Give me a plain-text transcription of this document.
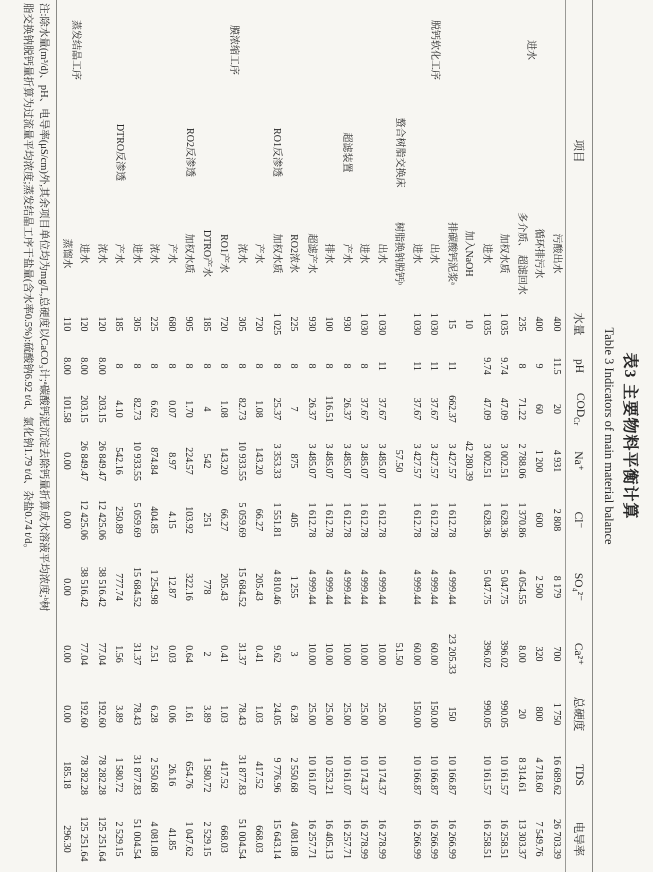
表3 主要物料平衡计算
Table 3 Indicators of main material balance
项目			水量	pH	$COD_{Cr}$	Na⁺	Cl⁻	SO₄²⁻	Ca²⁺	总硬度	TDS	电导率
进水		污酸出水	400	11.5	20	4 931	2 808	8 179	700	1 750	16 689.62	26 703.39
		循环排污水	400	9	60	1 200	600	2 500	320	800	4 718.60	7 549.76
		多介质、 超滤回水	235	8	71.22	2 788.06	1 370.86	4 054.55	8.00	20	8 314.61	13 303.37
		加权水质	1 035	9.74	47.09	3 002.51	1 628.36	5 047.75	396.02	990.05	10 161.57	16 258.51
脱钙软化工序		进水	1 035	9.74	47.09	3 002.51	1 628.36	5 047.75	396.02	990.05	10 161.57	16 258.51
		加入NaOH	10			42 280.39						
		排碳酸钙泥浆ᵃ	15	11	662.37	3 427.57	1 612.78	4 999.44	23 205.33	150	10 166.87	16 266.99
		出水	1 030	11	37.67	3 427.57	1 612.78	4 999.44	60.00	150.00	10 166.87	16 266.99
	螯合树脂交换床	进水	1 030	11	37.67	3 427.57	1 612.78	4 999.44	60.00	150.00	10 166.87	16 266.99
		树脂换钠脱钙ᵇ				57.50			51.50			
		出水	1 030	11	37.67	3 485.07	1 612.78	4 999.44	10.00	25.00	10 174.37	16 278.99
膜浓缩工序	超滤装置	进水	1 030	8	37.67	3 485.07	1 612.78	4 999.44	10.00	25.00	10 174.37	16 278.99
		产水	930	8	26.37	3 485.07	1 612.78	4 999.44	10.00	25.00	10 161.07	16 257.71
		排水	100	8	116.51	3 485.07	1 612.78	4 999.44	10.00	25.00	10 253.21	16 405.13
	RO1反渗透	超滤产水	930	8	26.37	3 485.07	1 612.78	4 999.44	10.00	25.00	10 161.07	16 257.71
		RO2浓水	225	8	7	875	405	1 255	3	6.28	2 550.68	4 081.08
		加权水质	1 025	8	25.37	3 353.33	1 551.81	4 810.46	9.62	24.05	9 776.96	15 643.14
		产水	720	8	1.08	143.20	66.27	205.43	0.41	1.03	417.52	668.03
		浓水	305	8	82.73	10 933.55	5 059.69	15 684.52	31.37	78.43	31 877.83	51 004.54
	RO2反渗透	RO1产水	720	8	1.08	143.20	66.27	205.43	0.41	1.03	417.52	668.03
		DTRO产水	185	8	4	542	251	778	2	3.89	1 580.72	2 529.15
		加权水质	905	8	1.70	224.57	103.92	322.16	0.64	1.61	654.76	1 047.62
		产水	680	8	0.07	8.97	4.15	12.87	0.03	0.06	26.16	41.85
		浓水	225	8	6.62	874.84	404.85	1 254.98	2.51	6.28	2 550.68	4 081.08
	DTRO反渗透	进水	305	8	82.73	10 933.55	5 059.69	15 684.52	31.37	78.43	31 877.83	51 004.54
		产水	185	8	4.10	542.16	250.89	777.74	1.56	3.89	1 580.72	2 529.15
		浓水	120	8.00	203.15	26 849.47	12 425.06	38 516.42	77.04	192.60	78 282.28	125 251.64
蒸发结晶工序		进水	120	8.00	203.15	26 849.47	12 425.06	38 516.42	77.04	192.60	78 282.28	125 251.64
		蒸馏水	110	8.00	101.58	0.00	0.00	0.00	0.00	0.00	185.18	296.30
注:除水量(m³/d)、pH、电导率(μS/cm)外,其余项目单位均为mg/L,总硬度以CaCO₃计;ᵃ碳酸钙泥沉淀去除钙量折算成水溶液平均浓度;ᵇ树
脂交换钠脱钙量折算为过流量平均浓度;蒸发结晶工序干盐量(含水率0.5%):硫酸钠6.92 t/d、氯化钠1.79 t/d、杂盐0.74 t/d。
